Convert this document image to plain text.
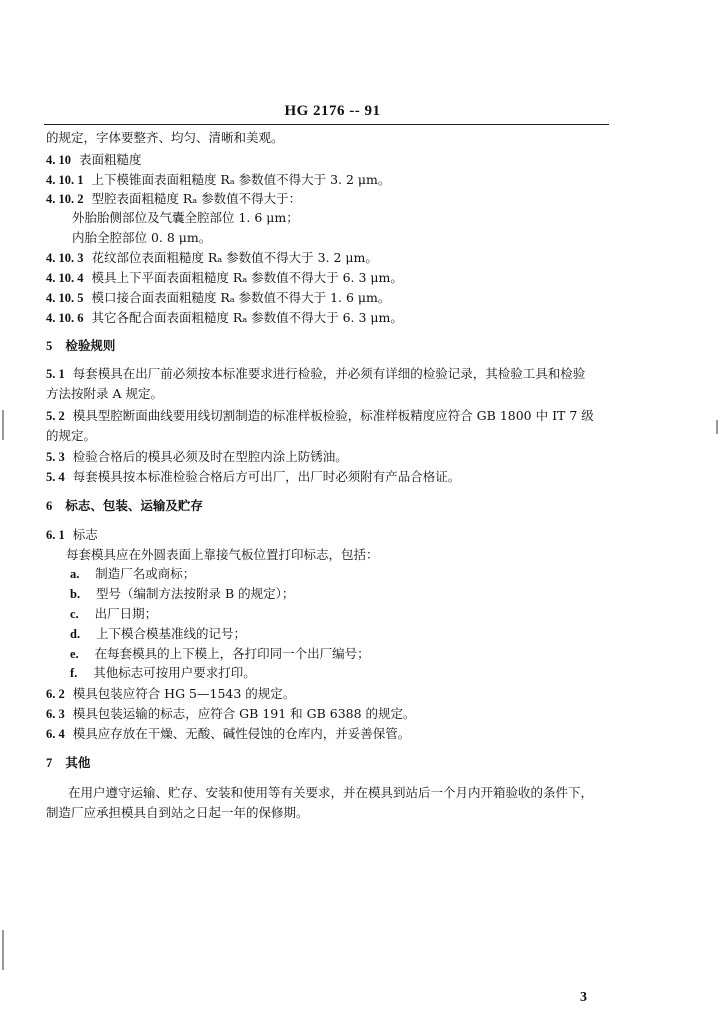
HG 2176 -- 91
的规定，字体要整齐、均匀、清晰和美观。
4. 10 表面粗糙度
4. 10. 1 上下模锥面表面粗糙度 Rₐ 参数值不得大于 3. 2 μm。
4. 10. 2 型腔表面粗糙度 Rₐ 参数值不得大于：
外胎胎侧部位及气囊全腔部位 1. 6 μm；
内胎全腔部位 0. 8 μm。
4. 10. 3 花纹部位表面粗糙度 Rₐ 参数值不得大于 3. 2 μm。
4. 10. 4 模具上下平面表面粗糙度 Rₐ 参数值不得大于 6. 3 μm。
4. 10. 5 模口接合面表面粗糙度 Rₐ 参数值不得大于 1. 6 μm。
4. 10. 6 其它各配合面表面粗糙度 Rₐ 参数值不得大于 6. 3 μm。
5 检验规则
5. 1 每套模具在出厂前必须按本标准要求进行检验，并必须有详细的检验记录，其检验工具和检验
方法按附录 A 规定。
5. 2 模具型腔断面曲线要用线切割制造的标准样板检验，标准样板精度应符合 GB 1800 中 IT 7 级
的规定。
5. 3 检验合格后的模具必须及时在型腔内涂上防锈油。
5. 4 每套模具按本标准检验合格后方可出厂，出厂时必须附有产品合格证。
6 标志、包装、运输及贮存
6. 1 标志
每套模具应在外圆表面上靠接气板位置打印标志，包括：
a. 制造厂名或商标；
b. 型号（编制方法按附录 B 的规定）；
c. 出厂日期；
d. 上下模合模基准线的记号；
e. 在每套模具的上下模上，各打印同一个出厂编号；
f. 其他标志可按用户要求打印。
6. 2 模具包装应符合 HG 5—1543 的规定。
6. 3 模具包装运输的标志，应符合 GB 191 和 GB 6388 的规定。
6. 4 模具应存放在干燥、无酸、碱性侵蚀的仓库内，并妥善保管。
7 其他
在用户遵守运输、贮存、安装和使用等有关要求，并在模具到站后一个月内开箱验收的条件下，
制造厂应承担模具自到站之日起一年的保修期。
3
